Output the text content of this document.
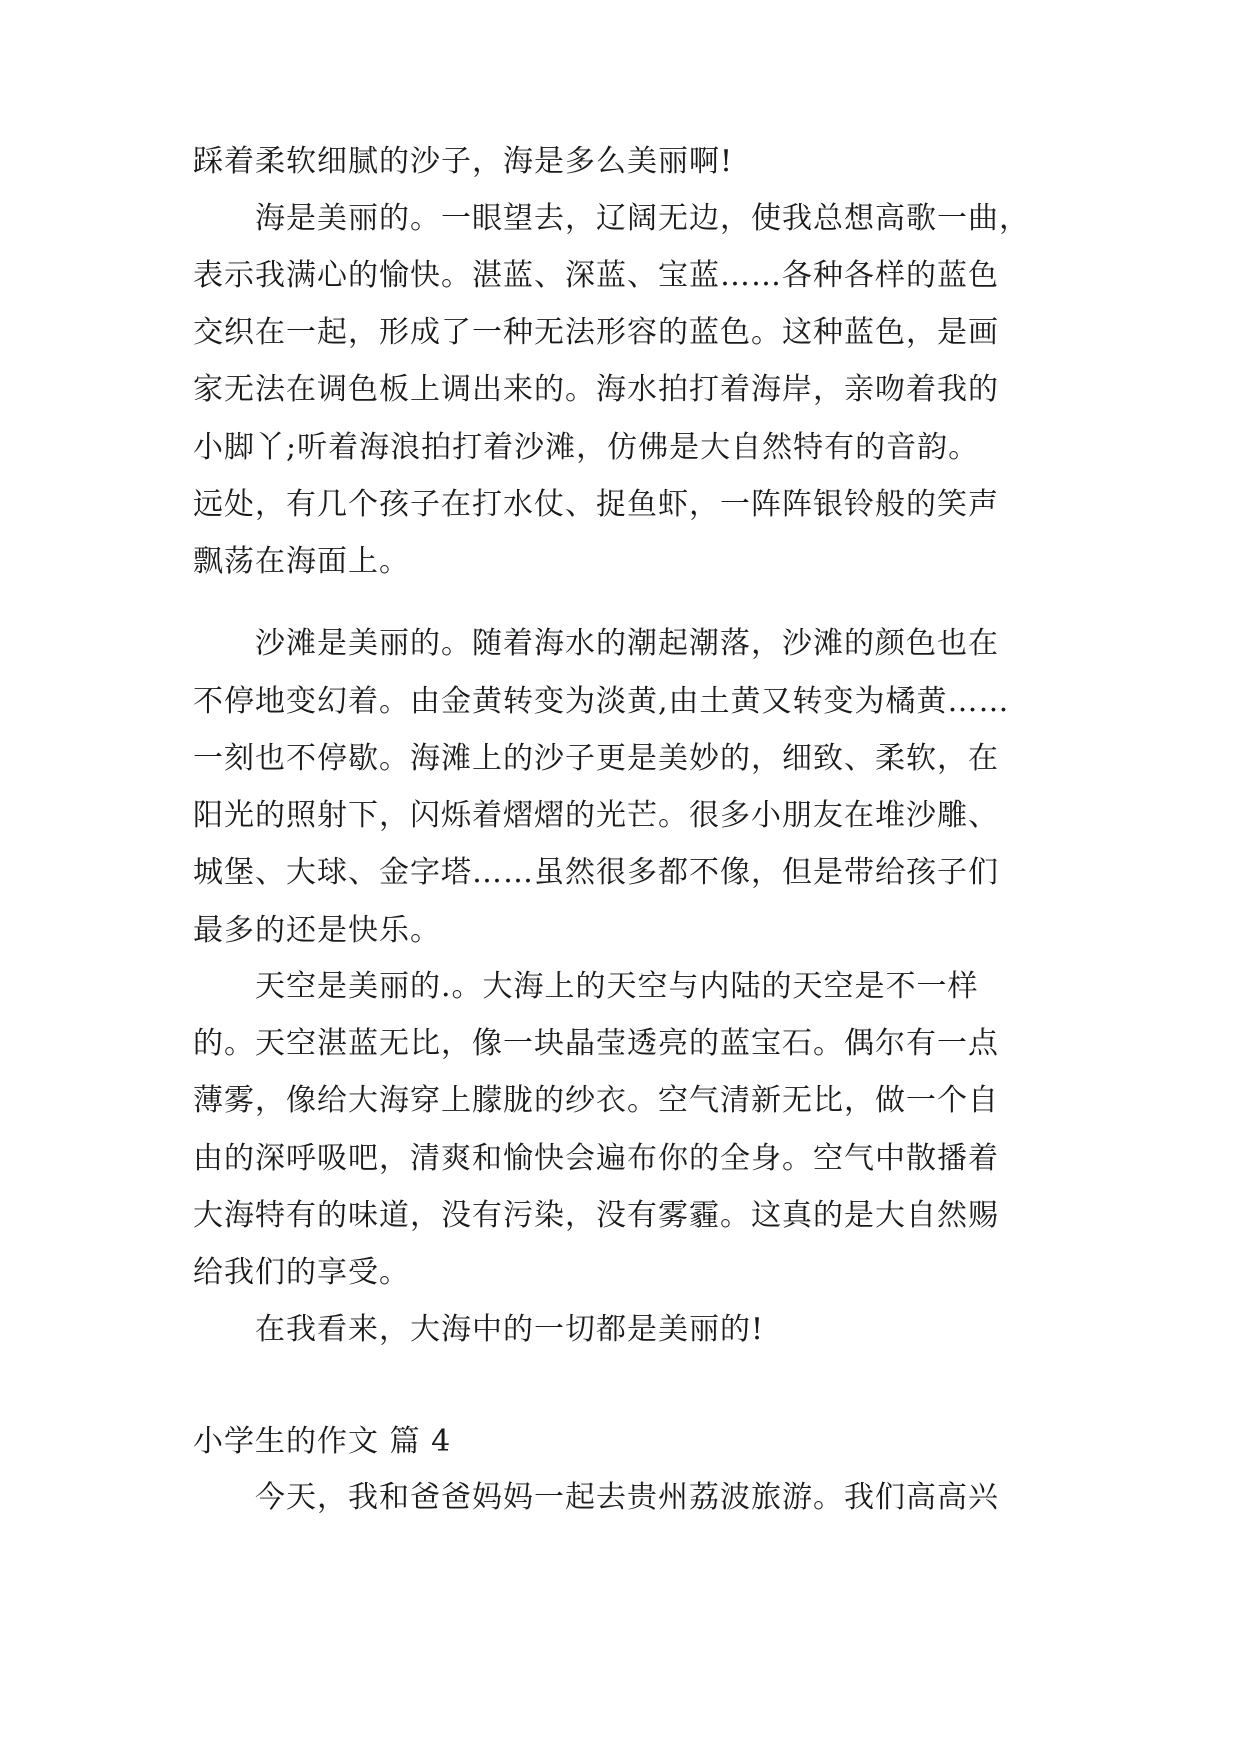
踩着柔软细腻的沙子，海是多么美丽啊!
海是美丽的。一眼望去，辽阔无边，使我总想高歌一曲，
表示我满心的愉快。湛蓝、深蓝、宝蓝……各种各样的蓝色
交织在一起，形成了一种无法形容的蓝色。这种蓝色，是画
家无法在调色板上调出来的。海水拍打着海岸，亲吻着我的
小脚丫;听着海浪拍打着沙滩，仿佛是大自然特有的音韵。
远处，有几个孩子在打水仗、捉鱼虾，一阵阵银铃般的笑声
飘荡在海面上。
沙滩是美丽的。随着海水的潮起潮落，沙滩的颜色也在
不停地变幻着。由金黄转变为淡黄,由土黄又转变为橘黄……
一刻也不停歇。海滩上的沙子更是美妙的，细致、柔软，在
阳光的照射下，闪烁着熠熠的光芒。很多小朋友在堆沙雕、
城堡、大球、金字塔……虽然很多都不像，但是带给孩子们
最多的还是快乐。
天空是美丽的.。大海上的天空与内陆的天空是不一样
的。天空湛蓝无比，像一块晶莹透亮的蓝宝石。偶尔有一点
薄雾，像给大海穿上朦胧的纱衣。空气清新无比，做一个自
由的深呼吸吧，清爽和愉快会遍布你的全身。空气中散播着
大海特有的味道，没有污染，没有雾霾。这真的是大自然赐
给我们的享受。
在我看来，大海中的一切都是美丽的!
小学生的作文 篇 4
今天，我和爸爸妈妈一起去贵州荔波旅游。我们高高兴
